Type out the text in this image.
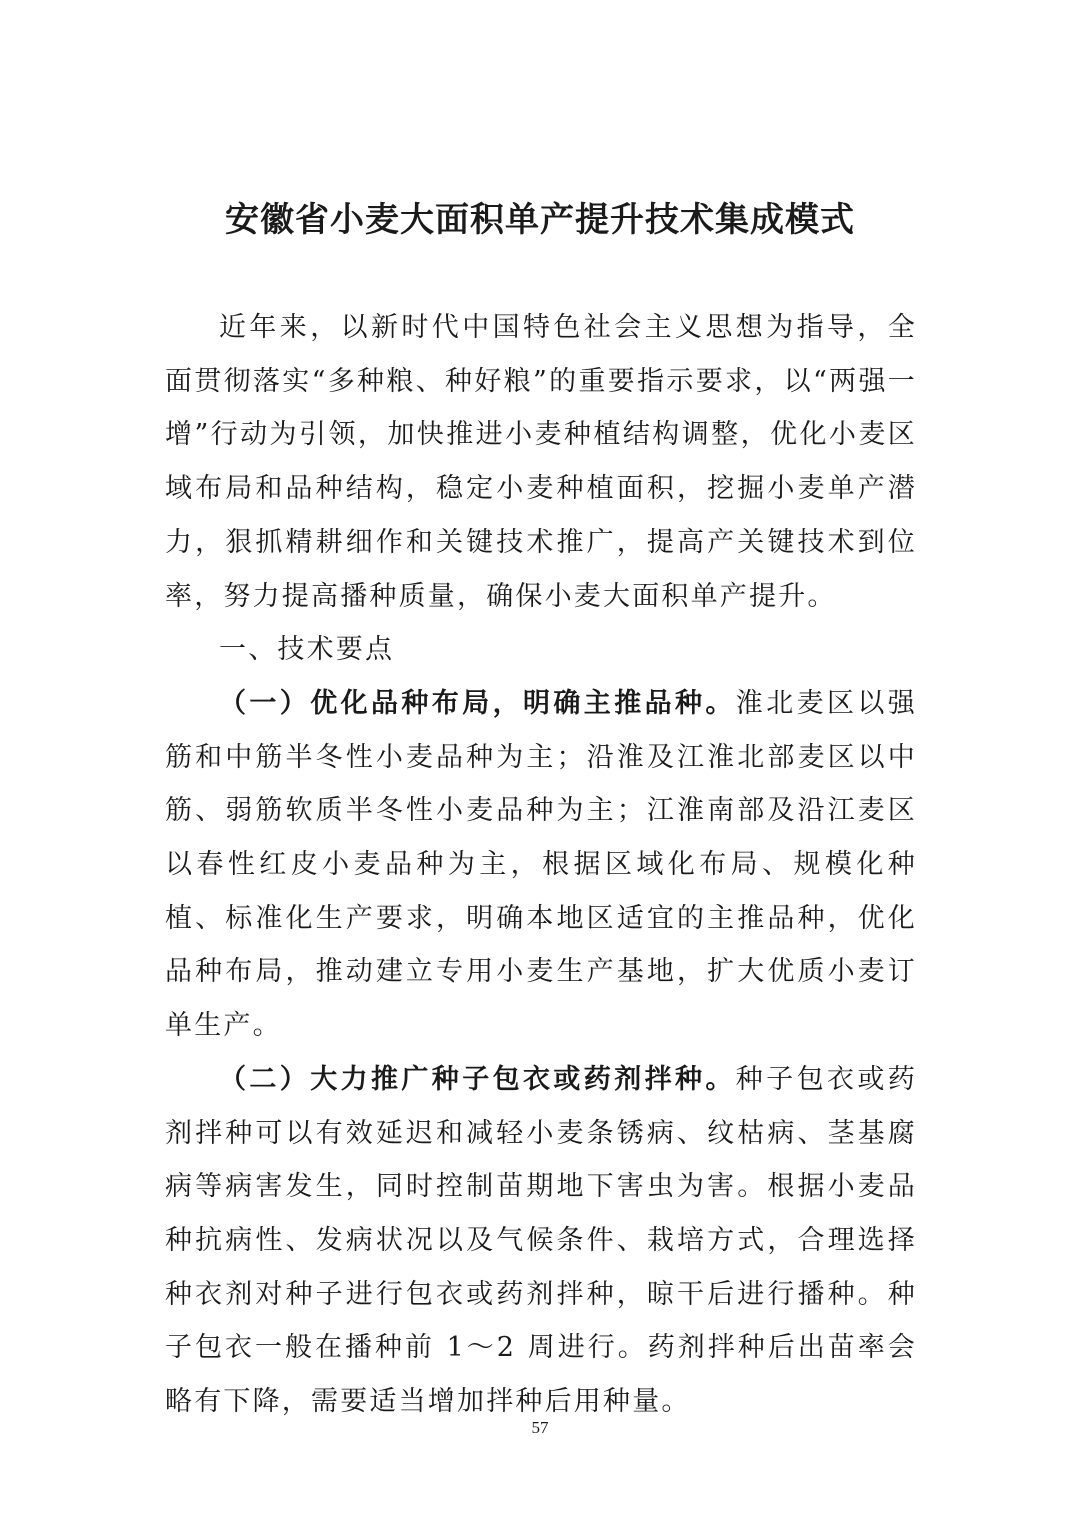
安徽省小麦大面积单产提升技术集成模式

近年来，以新时代中国特色社会主义思想为指导，全面贯彻落实“多种粮、种好粮”的重要指示要求，以“两强一增”行动为引领，加快推进小麦种植结构调整，优化小麦区域布局和品种结构，稳定小麦种植面积，挖掘小麦单产潜力，狠抓精耕细作和关键技术推广，提高产关键技术到位率，努力提高播种质量，确保小麦大面积单产提升。

一、技术要点

（一）优化品种布局，明确主推品种。淮北麦区以强筋和中筋半冬性小麦品种为主；沿淮及江淮北部麦区以中筋、弱筋软质半冬性小麦品种为主；江淮南部及沿江麦区以春性红皮小麦品种为主，根据区域化布局、规模化种植、标准化生产要求，明确本地区适宜的主推品种，优化品种布局，推动建立专用小麦生产基地，扩大优质小麦订单生产。

（二）大力推广种子包衣或药剂拌种。种子包衣或药剂拌种可以有效延迟和减轻小麦条锈病、纹枯病、茎基腐病等病害发生，同时控制苗期地下害虫为害。根据小麦品种抗病性、发病状况以及气候条件、栽培方式，合理选择种衣剂对种子进行包衣或药剂拌种，晾干后进行播种。种子包衣一般在播种前 1～2 周进行。药剂拌种后出苗率会略有下降，需要适当增加拌种后用种量。

57
